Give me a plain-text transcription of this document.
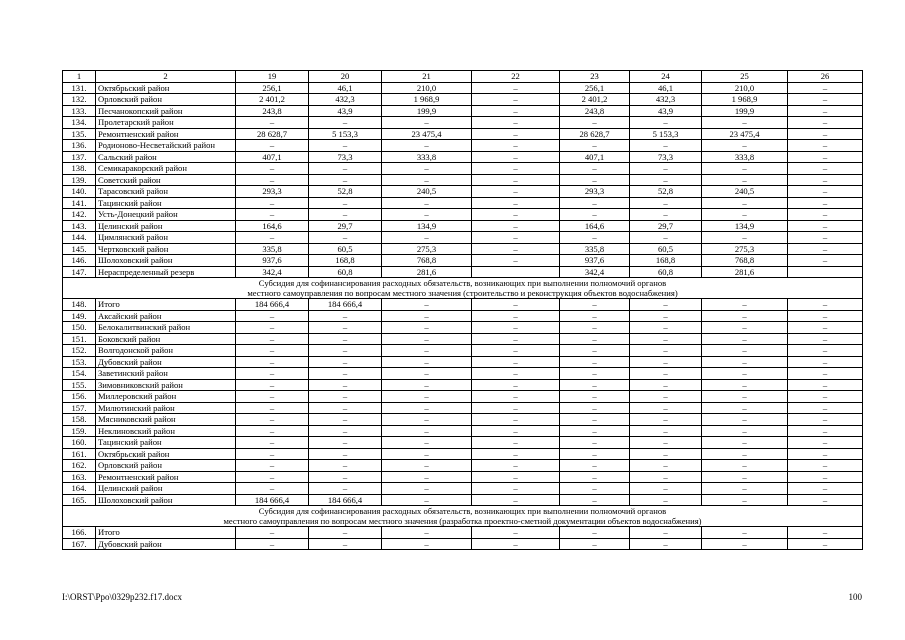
1	2	19	20	21	22	23	24	25	26
131.	Октябрьский район	256,1	46,1	210,0	–	256,1	46,1	210,0	–
132.	Орловский район	2 401,2	432,3	1 968,9	–	2 401,2	432,3	1 968,9	–
133.	Песчанокопский район	243,8	43,9	199,9	–	243,8	43,9	199,9	–
134.	Пролетарский район	–	–	–	–	–	–	–	–
135.	Ремонтненский район	28 628,7	5 153,3	23 475,4	–	28 628,7	5 153,3	23 475,4	–
136.	Родионово-Несветайский район	–	–	–	–	–	–	–	–
137.	Сальский район	407,1	73,3	333,8	–	407,1	73,3	333,8	–
138.	Семикаракорский район	–	–	–	–	–	–	–	–
139.	Советский район	–	–	–	–	–	–	–	–
140.	Тарасовский район	293,3	52,8	240,5	–	293,3	52,8	240,5	–
141.	Тацинский район	–	–	–	–	–	–	–	–
142.	Усть-Донецкий район	–	–	–	–	–	–	–	–
143.	Целинский район	164,6	29,7	134,9	–	164,6	29,7	134,9	–
144.	Цимлянский район	–	–	–	–	–	–	–	–
145.	Чертковский район	335,8	60,5	275,3	–	335,8	60,5	275,3	–
146.	Шолоховский район	937,6	168,8	768,8	–	937,6	168,8	768,8	–
147.	Нераспределенный резерв	342,4	60,8	281,6		342,4	60,8	281,6	

Субсидия для софинансирования расходных обязательств, возникающих при выполнении полномочий органов
местного самоуправления по вопросам местного значения (строительство и реконструкция объектов водоснабжения)									

148.	Итого	184 666,4	184 666,4	–	–	–	–	–	–
149.	Аксайский район	–	–	–	–	–	–	–	–
150.	Белокалитвинский район	–	–	–	–	–	–	–	–
151.	Боковский район	–	–	–	–	–	–	–	–
152.	Волгодонской район	–	–	–	–	–	–	–	–
153.	Дубовский район	–	–	–	–	–	–	–	–
154.	Заветинский район	–	–	–	–	–	–	–	–
155.	Зимовниковский район	–	–	–	–	–	–	–	–
156.	Миллеровский район	–	–	–	–	–	–	–	–
157.	Милютинский район	–	–	–	–	–	–	–	–
158.	Мясниковский район	–	–	–	–	–	–	–	–
159.	Неклиновский район	–	–	–	–	–	–	–	–
160.	Тацинский район	–	–	–	–	–	–	–	–
161.	Октябрьский район	–	–	–	–	–	–	–	–
162.	Орловский район	–	–	–	–	–	–	–	–
163.	Ремонтненский район	–	–	–	–	–	–	–	–
164.	Целинский район	–	–	–	–	–	–	–	–
165.	Шолоховский район	184 666,4	184 666,4	–	–	–	–	–	–

Субсидия для софинансирования расходных обязательств, возникающих при выполнении полномочий органов
местного самоуправления по вопросам местного значения (разработка проектно-сметной документации объектов водоснабжения)									

166.	Итого	–	–	–	–	–	–	–	–
167.	Дубовский район	–	–	–	–	–	–	–	–
I:\ORST\Ppo\0329p232.f17.docx	100
